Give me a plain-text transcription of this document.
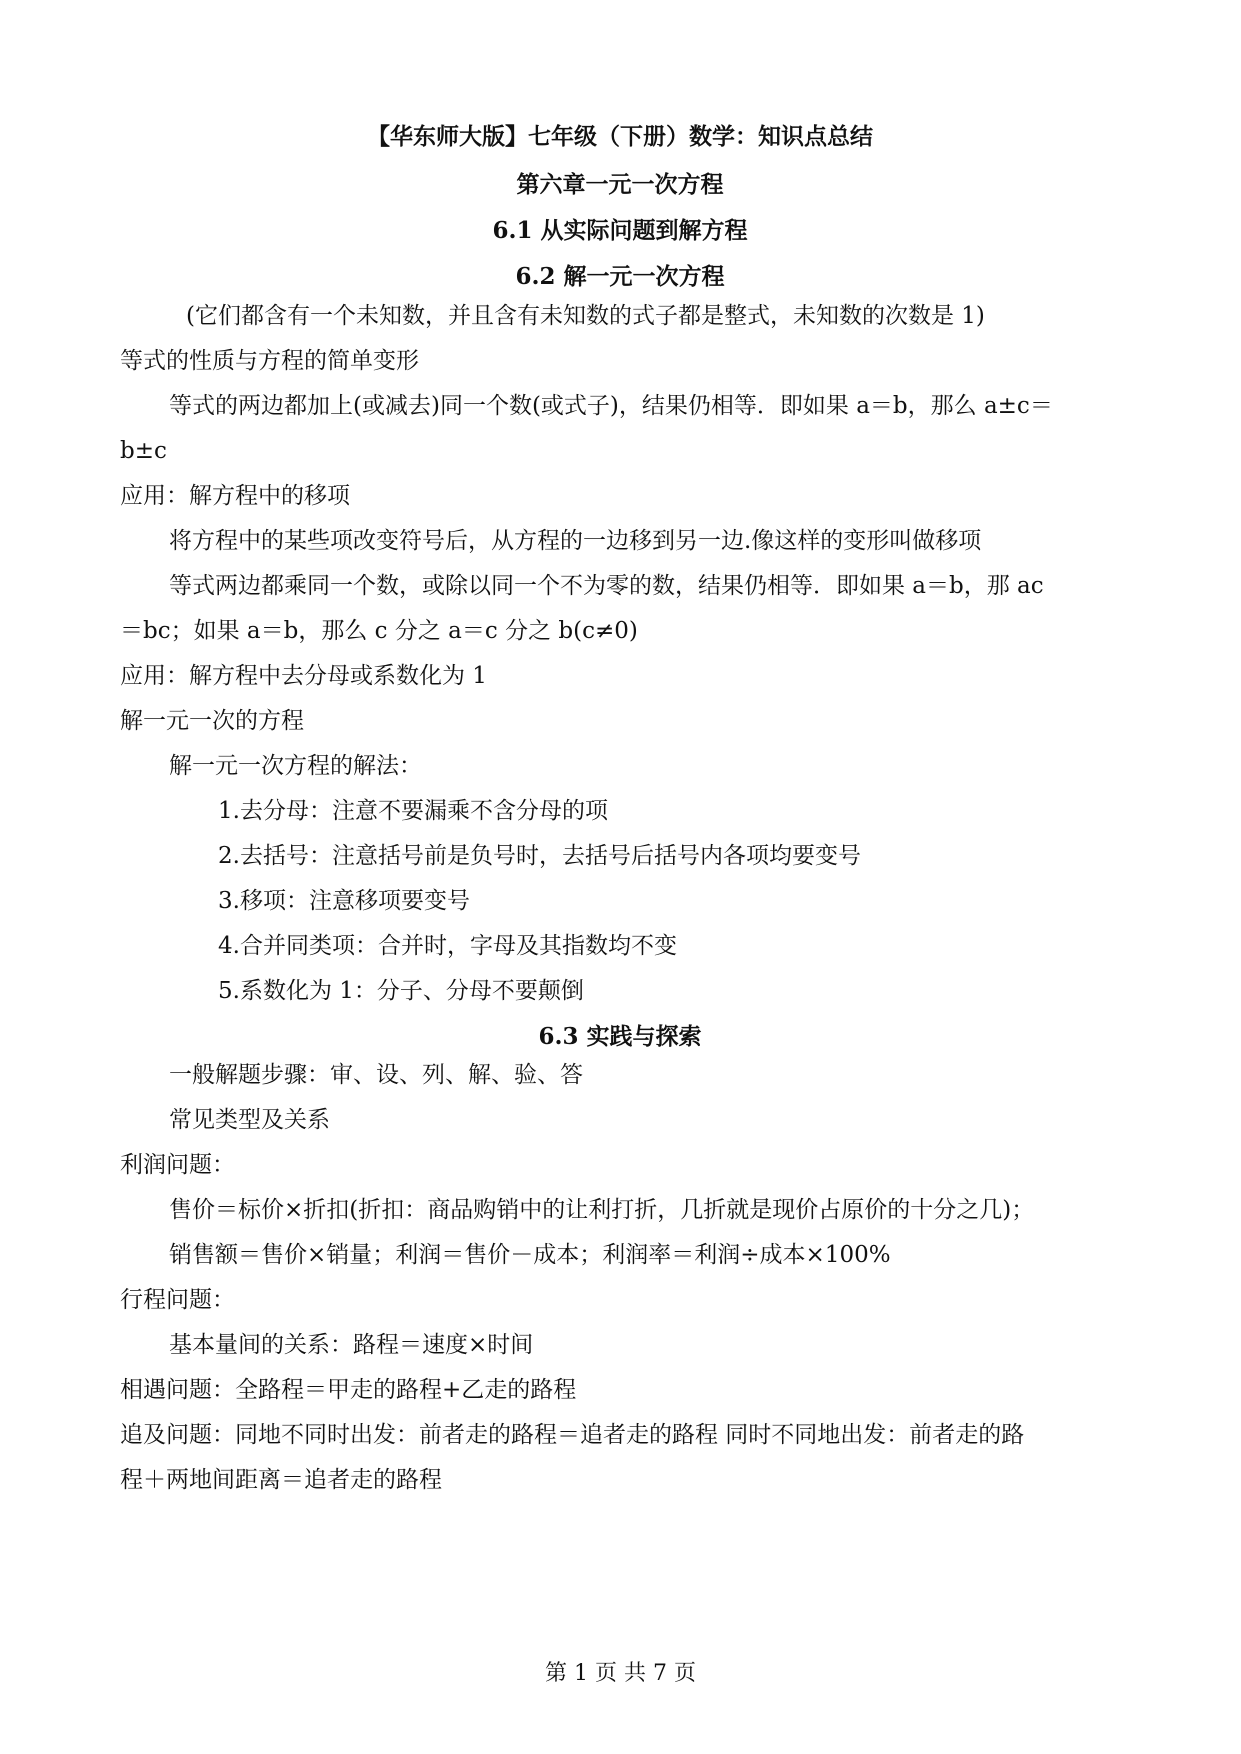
【华东师大版】七年级（下册）数学：知识点总结
第六章一元一次方程
6.1 从实际问题到解方程
6.2 解一元一次方程
(它们都含有一个未知数，并且含有未知数的式子都是整式，未知数的次数是 1)
等式的性质与方程的简单变形
等式的两边都加上(或减去)同一个数(或式子)，结果仍相等．即如果 a＝b，那么 a±c＝
b±c
应用：解方程中的移项
将方程中的某些项改变符号后，从方程的一边移到另一边.像这样的变形叫做移项
等式两边都乘同一个数，或除以同一个不为零的数，结果仍相等．即如果 a＝b，那 ac
＝bc；如果 a＝b，那么 c 分之 a＝c 分之 b(c≠0)
应用：解方程中去分母或系数化为 1
解一元一次的方程
解一元一次方程的解法：
1.去分母：注意不要漏乘不含分母的项
2.去括号：注意括号前是负号时，去括号后括号内各项均要变号
3.移项：注意移项要变号
4.合并同类项：合并时，字母及其指数均不变
5.系数化为 1：分子、分母不要颠倒
6.3 实践与探索
一般解题步骤：审、设、列、解、验、答
常见类型及关系
利润问题：
售价＝标价×折扣(折扣：商品购销中的让利打折，几折就是现价占原价的十分之几)；
销售额＝售价×销量；利润＝售价－成本；利润率＝利润÷成本×100%
行程问题：
基本量间的关系：路程＝速度×时间
相遇问题：全路程＝甲走的路程+乙走的路程
追及问题：同地不同时出发：前者走的路程＝追者走的路程 同时不同地出发：前者走的路
程＋两地间距离＝追者走的路程
第 1 页 共 7 页
